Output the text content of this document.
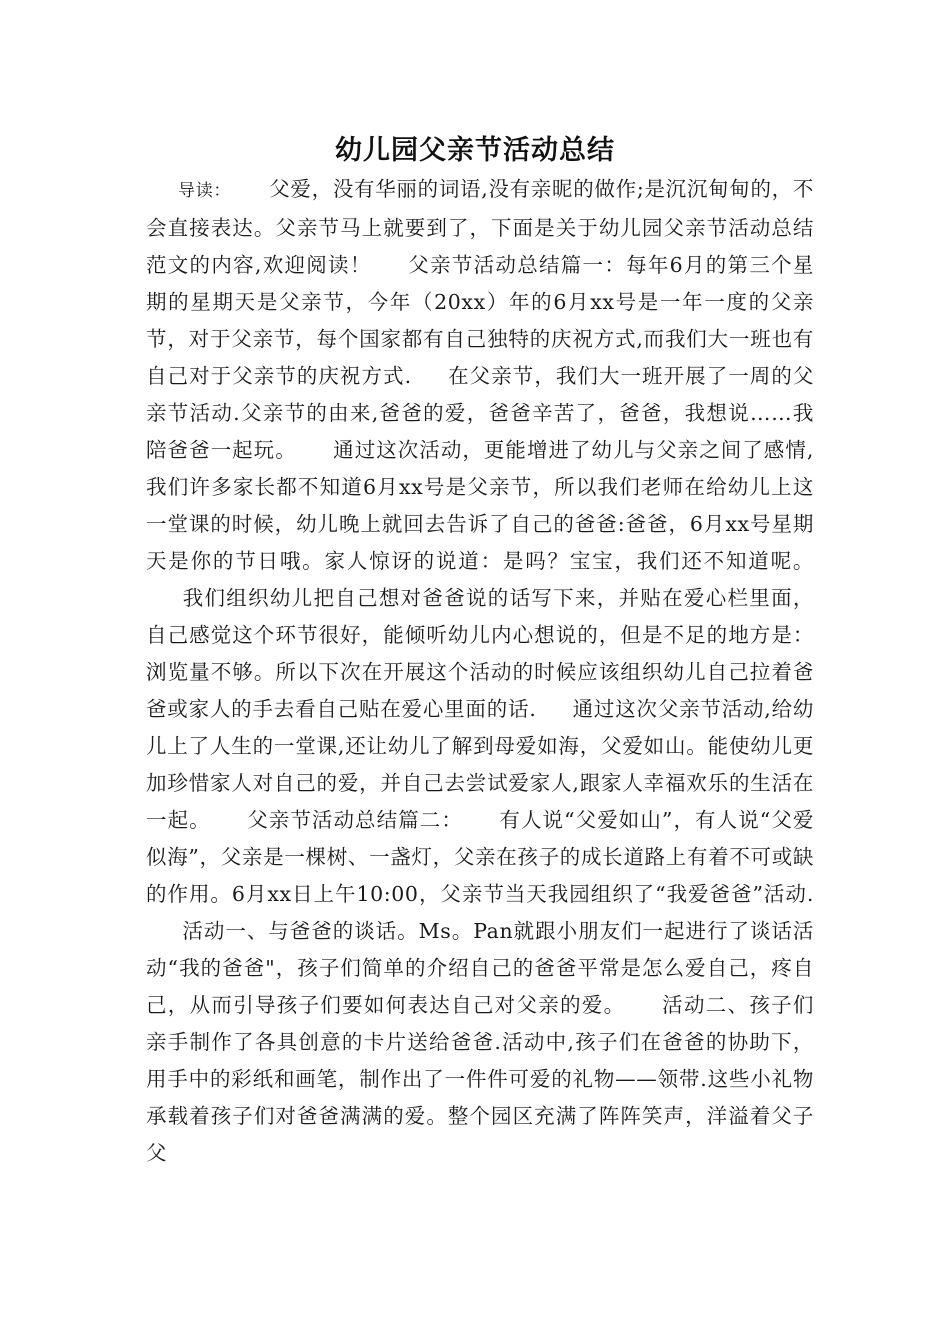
幼儿园父亲节活动总结
导读： 父爱，没有华丽的词语,没有亲昵的做作;是沉沉甸甸的，不会直接表达。父亲节马上就要到了，下面是关于幼儿园父亲节活动总结范文的内容,欢迎阅读！ 父亲节活动总结篇一：每年6月的第三个星期的星期天是父亲节，今年（20xx）年的6月xx号是一年一度的父亲节，对于父亲节，每个国家都有自己独特的庆祝方式,而我们大一班也有自己对于父亲节的庆祝方式. 在父亲节，我们大一班开展了一周的父亲节活动.父亲节的由来,爸爸的爱，爸爸辛苦了，爸爸，我想说……我陪爸爸一起玩。 通过这次活动，更能增进了幼儿与父亲之间了感情,我们许多家长都不知道6月xx号是父亲节，所以我们老师在给幼儿上这一堂课的时候，幼儿晚上就回去告诉了自己的爸爸:爸爸，6月xx号星期天是你的节日哦。家人惊讶的说道：是吗？宝宝，我们还不知道呢。我们组织幼儿把自己想对爸爸说的话写下来，并贴在爱心栏里面，自己感觉这个环节很好，能倾听幼儿内心想说的，但是不足的地方是：浏览量不够。所以下次在开展这个活动的时候应该组织幼儿自己拉着爸爸或家人的手去看自己贴在爱心里面的话. 通过这次父亲节活动,给幼儿上了人生的一堂课,还让幼儿了解到母爱如海，父爱如山。能使幼儿更加珍惜家人对自己的爱，并自己去尝试爱家人,跟家人幸福欢乐的生活在一起。 父亲节活动总结篇二： 有人说“父爱如山”，有人说“父爱似海”，父亲是一棵树、一盏灯，父亲在孩子的成长道路上有着不可或缺的作用。6月xx日上午10:00，父亲节当天我园组织了“我爱爸爸”活动.活动一、与爸爸的谈话。Ms。Pan就跟小朋友们一起进行了谈话活动“我的爸爸"，孩子们简单的介绍自己的爸爸平常是怎么爱自己，疼自己，从而引导孩子们要如何表达自己对父亲的爱。 活动二、孩子们亲手制作了各具创意的卡片送给爸爸.活动中,孩子们在爸爸的协助下，用手中的彩纸和画笔，制作出了一件件可爱的礼物——领带.这些小礼物承载着孩子们对爸爸满满的爱。整个园区充满了阵阵笑声，洋溢着父子父
